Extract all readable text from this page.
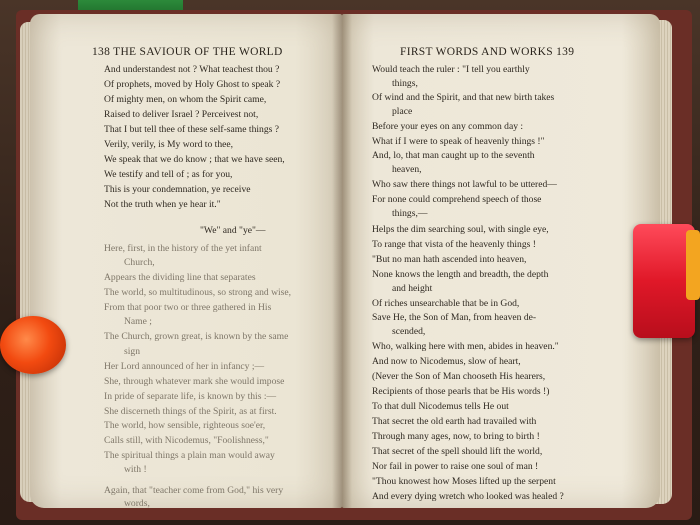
138 THE SAVIOUR OF THE WORLD	FIRST WORDS AND WORKS 139
And understandest not ? What teachest thou ?
Of prophets, moved by Holy Ghost to speak ?
Of mighty men, on whom the Spirit came,
Raised to deliver Israel ? Perceivest not,
That I but tell thee of these self-same things ?
Verily, verily, is My word to thee,
We speak that we do know ; that we have seen,
We testify and tell of ; as for you,
This is your condemnation, ye receive
Not the truth when ye hear it."
"We" and "ye"—
Here, first, in the history of the yet infant
Church,
Appears the dividing line that separates
The world, so multitudinous, so strong and wise,
From that poor two or three gathered in His
Name ;
The Church, grown great, is known by the same
sign
Her Lord announced of her in infancy ;—
She, through whatever mark she would impose
In pride of separate life, is known by this :—
She discerneth things of the Spirit, as at first.
The world, how sensible, righteous soe'er,
Calls still, with Nicodemus, "Foolishness,"
The spiritual things a plain man would away
with !
Again, that "teacher come from God," his very
words,
Would teach the ruler : "I tell you earthly
things,
Of wind and the Spirit, and that new birth takes
place
Before your eyes on any common day :
What if I were to speak of heavenly things !"
And, lo, that man caught up to the seventh
heaven,
Who saw there things not lawful to be uttered—
For none could comprehend speech of those
things,—
Helps the dim searching soul, with single eye,
To range that vista of the heavenly things !
"But no man hath ascended into heaven,
None knows the length and breadth, the depth
and height
Of riches unsearchable that be in God,
Save He, the Son of Man, from heaven de-
scended,
Who, walking here with men, abides in heaven."
And now to Nicodemus, slow of heart,
(Never the Son of Man chooseth His hearers,
Recipients of those pearls that be His words !)
To that dull Nicodemus tells He out
That secret the old earth had travailed with
Through many ages, now, to bring to birth !
That secret of the spell should lift the world,
Nor fail in power to raise one soul of man !
"Thou knowest how Moses lifted up the serpent
And every dying wretch who looked was healed ?
